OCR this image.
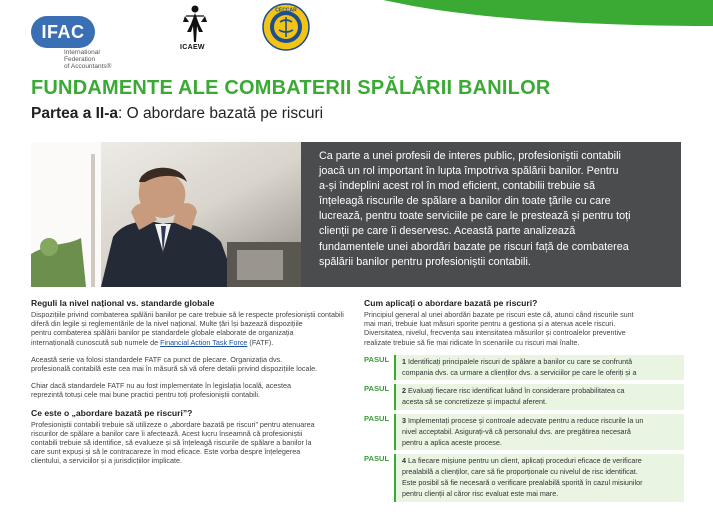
IFAC
International
Federation
of Accountants®
ICAEW
CECCAR
FUNDAMENTE ALE COMBATERII SPĂLĂRII BANILOR
Partea a II-a: O abordare bazată pe riscuri

Ca parte a unei profesii de interes public, profesioniștii contabili
joacă un rol important în lupta împotriva spălării banilor. Pentru
a-și îndeplini acest rol în mod eficient, contabilii trebuie să
înțeleagă riscurile de spălare a banilor din toate țările cu care
lucrează, pentru toate serviciile pe care le prestează și pentru toți
clienții pe care îi deservesc. Această parte analizează
fundamentele unei abordări bazate pe riscuri față de combaterea
spălării banilor pentru profesioniștii contabili.

Reguli la nivel național vs. standarde globale
Dispozițiile privind combaterea spălării banilor pe care trebuie să le respecte profesioniștii contabili
diferă din legile și reglementările de la nivel național. Multe țări își bazează dispozițiile
pentru combaterea spălării banilor pe standardele globale elaborate de organizația
internațională cunoscută sub numele de Financial Action Task Force (FATF).
Această serie va folosi standardele FATF ca punct de plecare. Organizația dvs.
profesională contabilă este cea mai în măsură să vă ofere detalii privind dispozițiile locale.
Chiar dacă standardele FATF nu au fost implementate în legislația locală, acestea
reprezintă totuși cele mai bune practici pentru toți profesioniștii contabili.
Ce este o „abordare bazată pe riscuri”?
Profesioniștii contabili trebuie să utilizeze o „abordare bazată pe riscuri” pentru atenuarea
riscurilor de spălare a banilor care îi afectează. Acest lucru înseamnă că profesioniștii
contabili trebuie să identifice, să evalueze și să înțeleagă riscurile de spălare a banilor la
care sunt expuși și să le contracareze în mod eficace. Este vorba despre înțelegerea
clientului, a serviciilor și a jurisdicțiilor implicate.
Cum aplicați o abordare bazată pe riscuri?
Principiul general al unei abordări bazate pe riscuri este că, atunci când riscurile sunt
mai mari, trebuie luat măsuri sporite pentru a gestiona și a atenua acele riscuri.
Diversitatea, nivelul, frecvența sau intensitatea măsurilor și controalelor preventive
realizate trebuie să fie mai ridicate în scenariile cu riscuri mai înalte.
PASUL	1 Identificați principalele riscuri de spălare a banilor cu care se confruntă
compania dvs. ca urmare a clienților dvs. a serviciilor pe care le oferiți și a
PASUL	2 Evaluați fiecare risc identificat luând în considerare probabilitatea ca
acesta să se concretizeze și impactul aferent.
PASUL	3 Implementați procese și controale adecvate pentru a reduce riscurile la un
nivel acceptabil. Asigurați-vă că personalul dvs. are pregătirea necesară
pentru a aplica aceste procese.
PASUL	4 La fiecare mișiune pentru un client, aplicați proceduri eficace de verificare
prealabilă a clienților, care să fie proporționale cu nivelul de risc identificat.
Este posibil să fie necesară o verificare prealabilă sporită în cazul misiunilor
pentru clienții al căror risc evaluat este mai mare.
